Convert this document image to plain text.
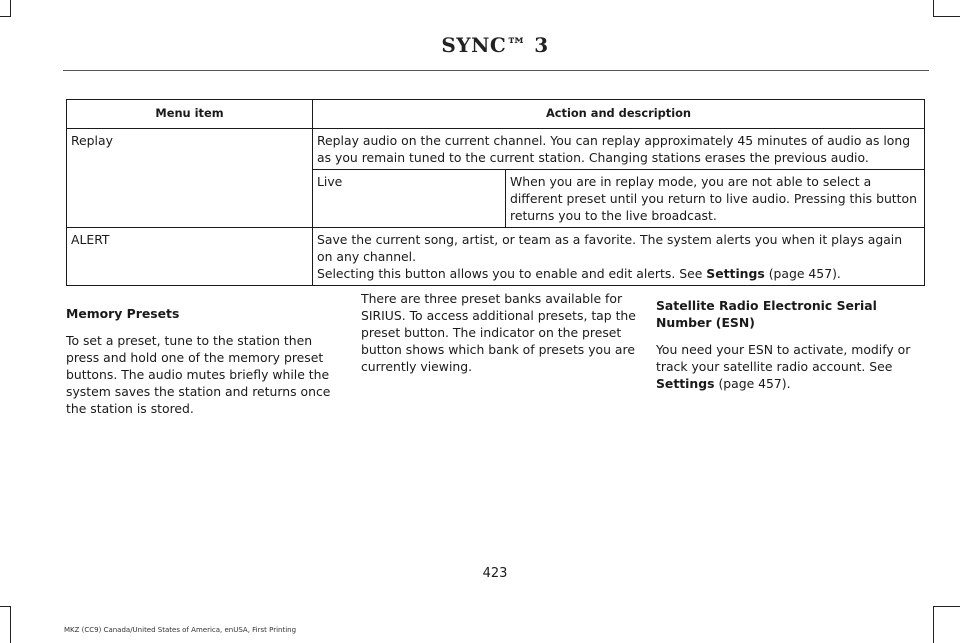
SYNC™ 3
Menu item	Action and description	
Replay	Replay audio on the current channel. You can replay approximately 45 minutes of audio as long as you remain tuned to the current station. Changing stations erases the previous audio.	
	Live	When you are in replay mode, you are not able to select a different preset until you return to live audio. Pressing this button returns you to the live broadcast.
ALERT	Save the current song, artist, or team as a favorite. The system alerts you when it plays again on any channel.
Selecting this button allows you to enable and edit alerts. See Settings (page 457).	
Memory Presets

To set a preset, tune to the station then press and hold one of the memory preset buttons. The audio mutes briefly while the system saves the station and returns once the station is stored.

There are three preset banks available for SIRIUS. To access additional presets, tap the preset button. The indicator on the preset button shows which bank of presets you are currently viewing.

Satellite Radio Electronic Serial Number (ESN)

You need your ESN to activate, modify or track your satellite radio account. See Settings (page 457).

423
MKZ (CC9) Canada/United States of America, enUSA, First Printing
